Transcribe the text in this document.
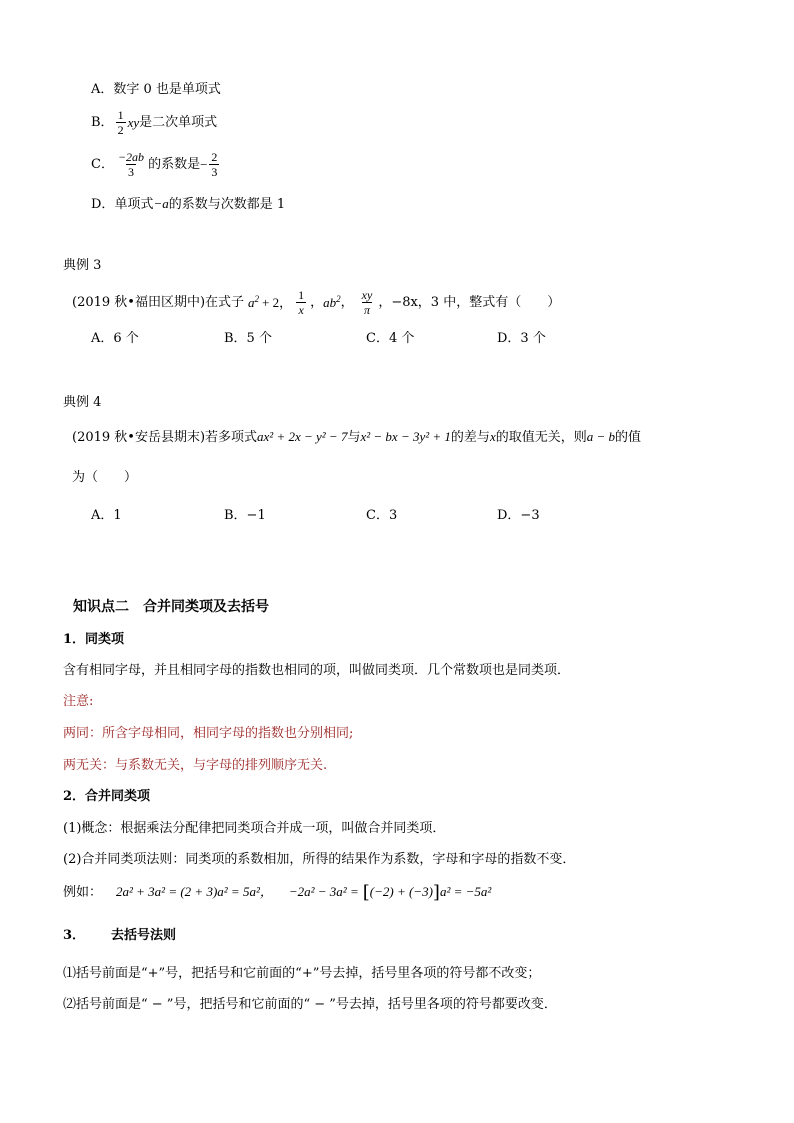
A．数字 0 也是单项式
B． $\frac{1}{2}$ xy是二次单项式
C． $\frac{-2ab}{3}$ 的系数是− $\frac{2}{3}$
D．单项式−a的系数与次数都是 1
典例 3
(2019 秋•福田区期中)在式子 $a^2 + 2$， $\frac{1}{x}$ ，$ab^2$， $\frac{xy}{\pi}$ ，−8x，3 中，整式有（　　）
A．6 个	B．5 个	C．4 个	D．3 个
典例 4
(2019 秋•安岳县期末)若多项式ax² + 2x − y² − 7与x² − bx − 3y² + 1的差与x的取值无关，则a − b的值
为（　　）
A．1	B．−1	C．3	D．−3
知识点二　合并同类项及去括号
1．同类项
含有相同字母，并且相同字母的指数也相同的项，叫做同类项．几个常数项也是同类项．
注意:
两同：所含字母相同，相同字母的指数也分别相同;
两无关：与系数无关，与字母的排列顺序无关.
2．合并同类项
(1)概念：根据乘法分配律把同类项合并成一项，叫做合并同类项．
(2)合并同类项法则：同类项的系数相加，所得的结果作为系数，字母和字母的指数不变．
例如： 2a² + 3a² = (2 + 3)a² = 5a²， −2a² − 3a² = [(−2) + (−3)]a² = −5a²
3． 去括号法则
⑴括号前面是“+”号，把括号和它前面的“+”号去掉，括号里各项的符号都不改变；
⑵括号前面是“ − ”号，把括号和它前面的“ − ”号去掉，括号里各项的符号都要改变．
